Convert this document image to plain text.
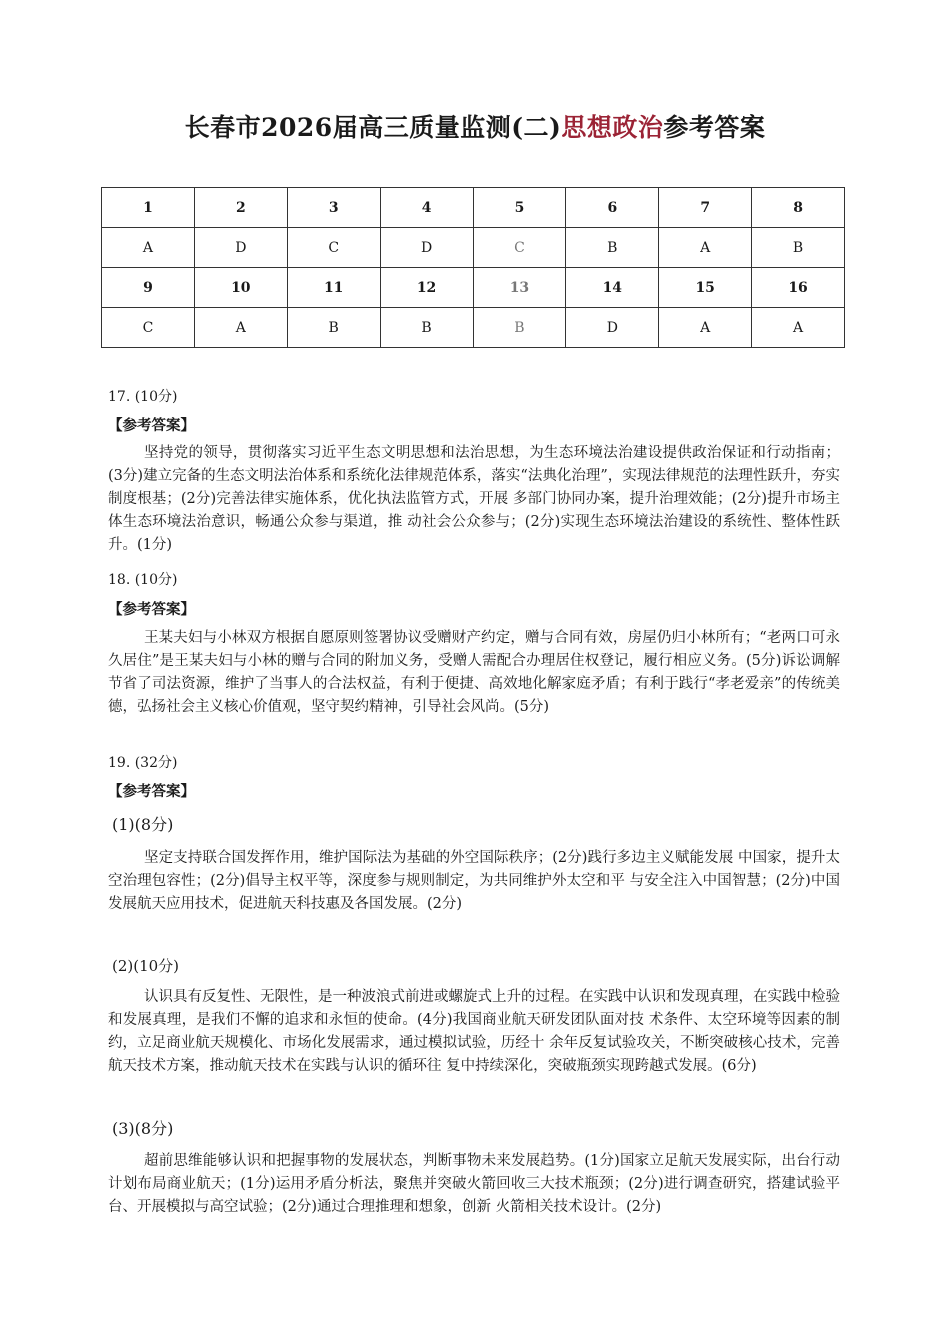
长春市2026届高三质量监测(二)思想政治参考答案
1	2	3	4	5	6	7	8
A	D	C	D	C	B	A	B
9	10	11	12	13	14	15	16
C	A	B	B	B	D	A	A
17. (10分)
【参考答案】
坚持党的领导，贯彻落实习近平生态文明思想和法治思想，为生态环境法治建设提供政治保证和行动指南；(3分)建立完备的生态文明法治体系和系统化法律规范体系，落实“法典化治理”，实现法律规范的法理性跃升，夯实制度根基；(2分)完善法律实施体系，优化执法监管方式，开展 多部门协同办案，提升治理效能；(2分)提升市场主体生态环境法治意识，畅通公众参与渠道，推 动社会公众参与；(2分)实现生态环境法治建设的系统性、整体性跃升。(1分)
18. (10分)
【参考答案】
王某夫妇与小林双方根据自愿原则签署协议受赠财产约定，赠与合同有效，房屋仍归小林所有；“老两口可永久居住”是王某夫妇与小林的赠与合同的附加义务，受赠人需配合办理居住权登记，履行相应义务。(5分)诉讼调解节省了司法资源，维护了当事人的合法权益，有利于便捷、高效地化解家庭矛盾；有利于践行“孝老爱亲”的传统美德，弘扬社会主义核心价值观，坚守契约精神，引导社会风尚。(5分)
19. (32分)
【参考答案】
(1)(8分)
坚定支持联合国发挥作用，维护国际法为基础的外空国际秩序；(2分)践行多边主义赋能发展 中国家，提升太空治理包容性；(2分)倡导主权平等，深度参与规则制定，为共同维护外太空和平 与安全注入中国智慧；(2分)中国发展航天应用技术，促进航天科技惠及各国发展。(2分)
(2)(10分)
认识具有反复性、无限性，是一种波浪式前进或螺旋式上升的过程。在实践中认识和发现真理，在实践中检验和发展真理，是我们不懈的追求和永恒的使命。(4分)我国商业航天研发团队面对技 术条件、太空环境等因素的制约，立足商业航天规模化、市场化发展需求，通过模拟试验，历经十 余年反复试验攻关，不断突破核心技术，完善航天技术方案，推动航天技术在实践与认识的循环往 复中持续深化，突破瓶颈实现跨越式发展。(6分)
(3)(8分)
超前思维能够认识和把握事物的发展状态，判断事物未来发展趋势。(1分)国家立足航天发展实际，出台行动计划布局商业航天；(1分)运用矛盾分析法，聚焦并突破火箭回收三大技术瓶颈；(2分)进行调查研究，搭建试验平台、开展模拟与高空试验；(2分)通过合理推理和想象，创新 火箭相关技术设计。(2分)
